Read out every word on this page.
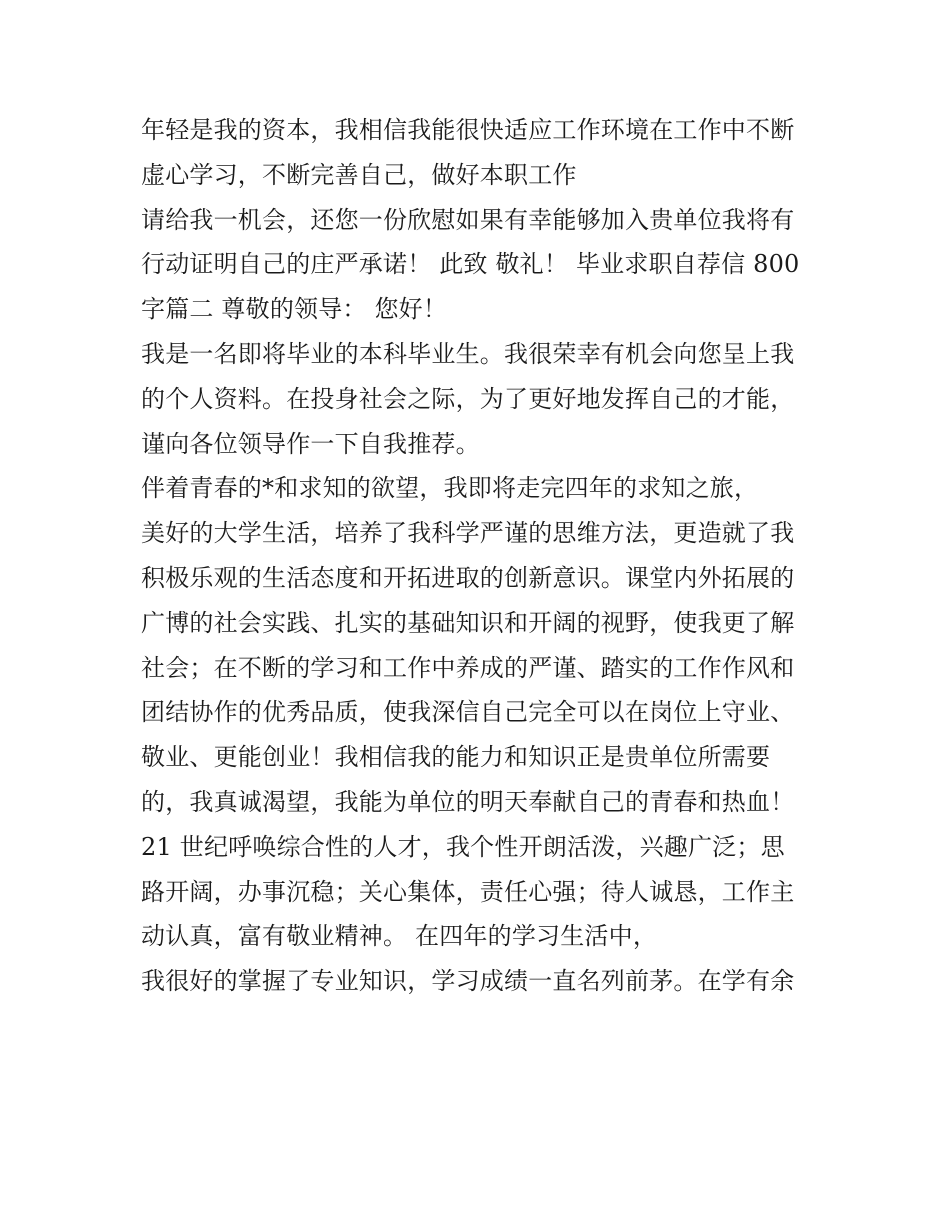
年轻是我的资本，我相信我能很快适应工作环境在工作中不断
虚心学习，不断完善自己，做好本职工作
请给我一机会，还您一份欣慰如果有幸能够加入贵单位我将有
行动证明自己的庄严承诺！ 此致 敬礼！ 毕业求职自荐信 800
字篇二 尊敬的领导： 您好！
我是一名即将毕业的本科毕业生。我很荣幸有机会向您呈上我
的个人资料。在投身社会之际，为了更好地发挥自己的才能，
谨向各位领导作一下自我推荐。
伴着青春的*和求知的欲望，我即将走完四年的求知之旅，
美好的大学生活，培养了我科学严谨的思维方法，更造就了我
积极乐观的生活态度和开拓进取的创新意识。课堂内外拓展的
广博的社会实践、扎实的基础知识和开阔的视野，使我更了解
社会；在不断的学习和工作中养成的严谨、踏实的工作作风和
团结协作的优秀品质，使我深信自己完全可以在岗位上守业、
敬业、更能创业！我相信我的能力和知识正是贵单位所需要
的，我真诚渴望，我能为单位的明天奉献自己的青春和热血！
21 世纪呼唤综合性的人才，我个性开朗活泼，兴趣广泛；思
路开阔，办事沉稳；关心集体，责任心强；待人诚恳，工作主
动认真，富有敬业精神。 在四年的学习生活中，
我很好的掌握了专业知识，学习成绩一直名列前茅。在学有余
